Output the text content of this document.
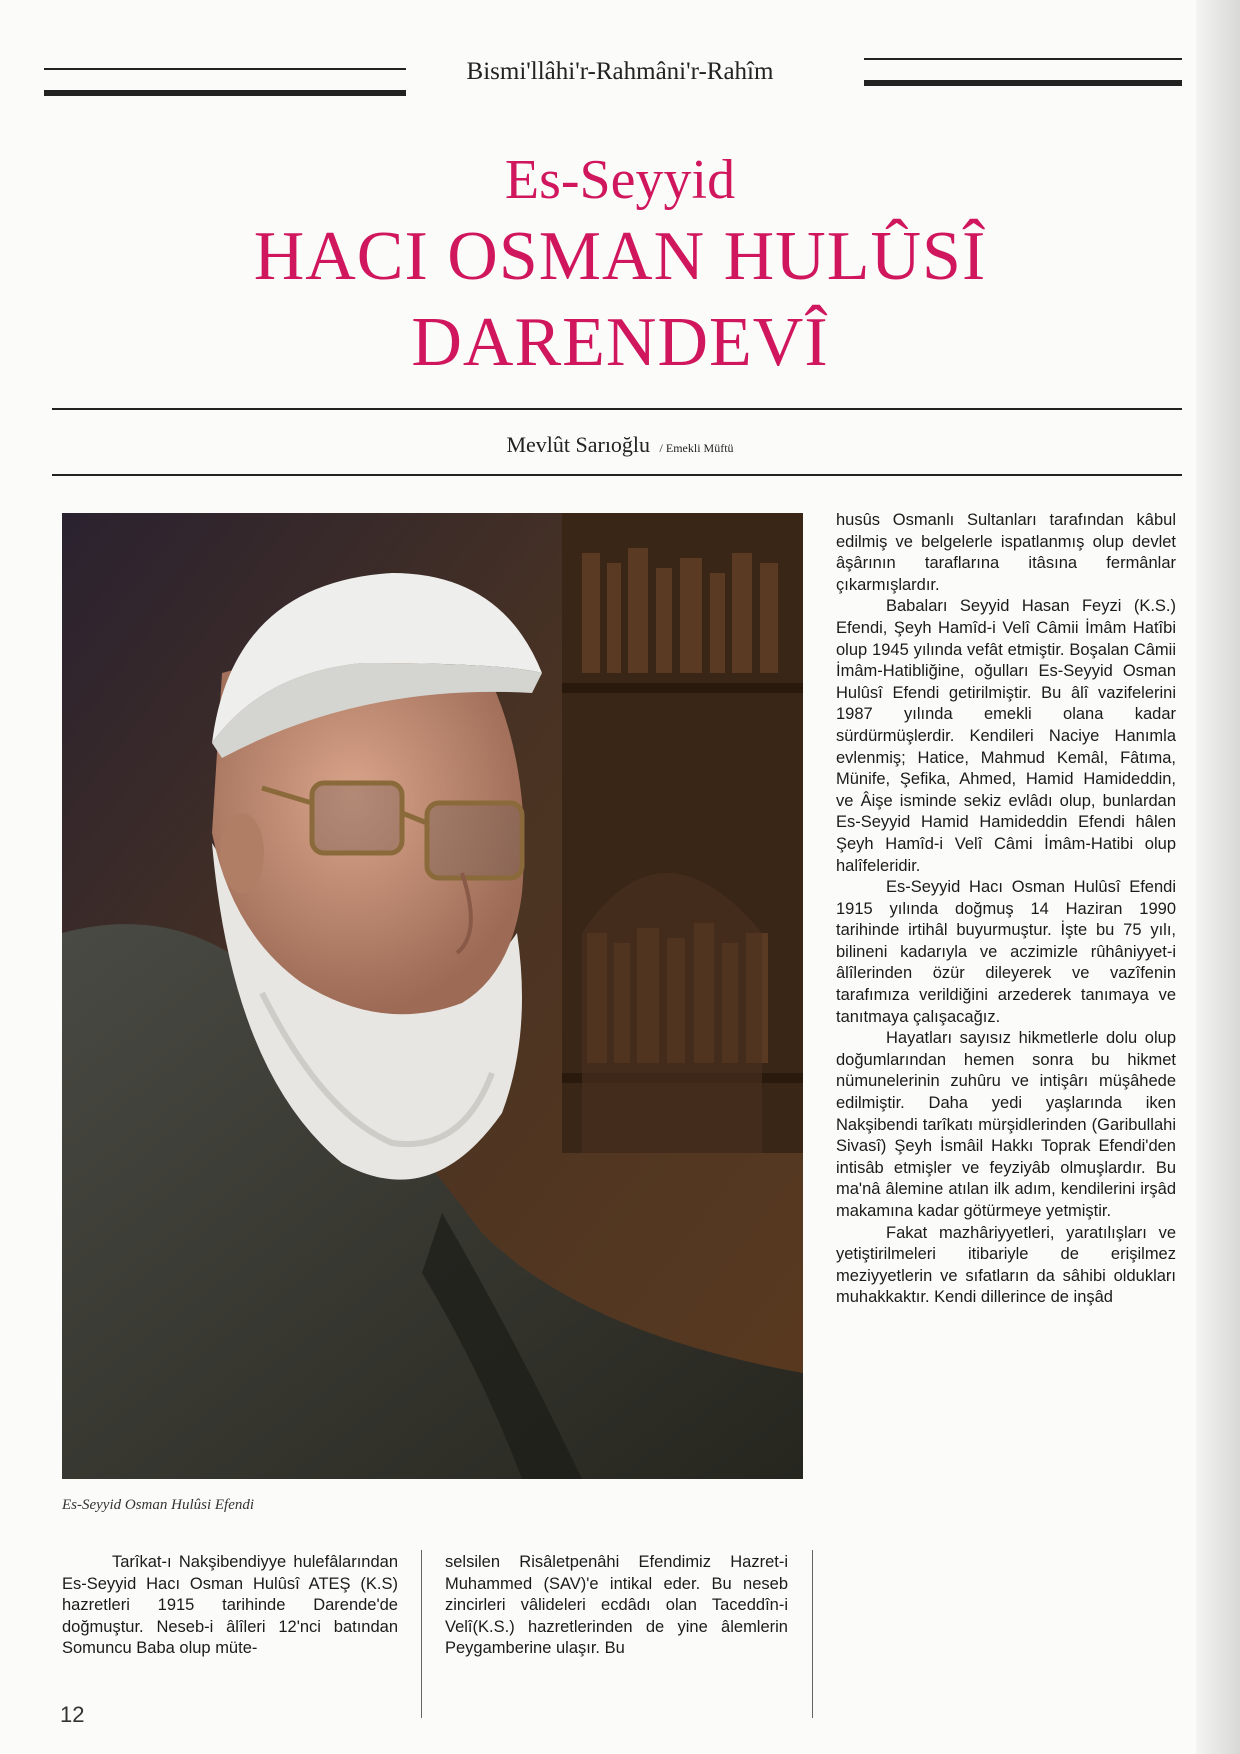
Bismi'llâhi'r-Rahmâni'r-Rahîm
Es-Seyyid
HACI OSMAN HULÛSÎ
DARENDEVÎ
Mevlût Sarıoğlu / Emekli Müftü
Es-Seyyid Osman Hulûsi Efendi

husûs Osmanlı Sultanları tarafından kâbul edilmiş ve belgelerle ispatlanmış olup devlet âşârının taraflarına itâsına fermânlar çıkarmışlardır.

Babaları Seyyid Hasan Feyzi (K.S.) Efendi, Şeyh Hamîd-i Velî Câmii İmâm Hatîbi olup 1945 yılında vefât etmiştir. Boşalan Câmii İmâm-Hatibliğine, oğulları Es-Seyyid Osman Hulûsî Efendi getirilmiştir. Bu âlî vazifelerini 1987 yılında emekli olana kadar sürdürmüşlerdir. Kendileri Naciye Hanımla evlenmiş; Hatice, Mahmud Kemâl, Fâtıma, Münife, Şefika, Ahmed, Hamid Hamideddin, ve Âişe isminde sekiz evlâdı olup, bunlardan Es-Seyyid Hamid Hamideddin Efendi hâlen Şeyh Hamîd-i Velî Câmi İmâm-Hatibi olup halîfeleridir.

Es-Seyyid Hacı Osman Hulûsî Efendi 1915 yılında doğmuş 14 Haziran 1990 tarihinde irtihâl buyurmuştur. İşte bu 75 yılı, bilineni kadarıyla ve aczimizle rûhâniyyet-i âlîlerinden özür dileyerek ve vazîfenin tarafımıza verildiğini arzederek tanımaya ve tanıtmaya çalışacağız.

Hayatları sayısız hikmetlerle dolu olup doğumlarından hemen sonra bu hikmet nümunelerinin zuhûru ve intişârı müşâhede edilmiştir. Daha yedi yaşlarında iken Nakşibendi tarîkatı mürşidlerinden (Garibullahi Sivasî) Şeyh İsmâil Hakkı Toprak Efendi'den intisâb etmişler ve feyziyâb olmuşlardır. Bu ma'nâ âlemine atılan ilk adım, kendilerini irşâd makamına kadar götürmeye yetmiştir.

Fakat mazhâriyyetleri, yaratılışları ve yetiştirilmeleri itibariyle de erişilmez meziyyetlerin ve sıfatların da sâhibi oldukları muhakkaktır. Kendi dillerince de inşâd

Tarîkat-ı Nakşibendiyye hulefâlarından Es-Seyyid Hacı Osman Hulûsî ATEŞ (K.S) hazretleri 1915 tarihinde Darende'de doğmuştur. Neseb-i âlîleri 12'nci batından Somuncu Baba olup müte-

selsilen Risâletpenâhi Efendimiz Hazret-i Muhammed (SAV)'e intikal eder. Bu neseb zincirleri vâlideleri ecdâdı olan Taceddîn-i Velî(K.S.) hazretlerinden de yine âlemlerin Peygamberine ulaşır. Bu

12
